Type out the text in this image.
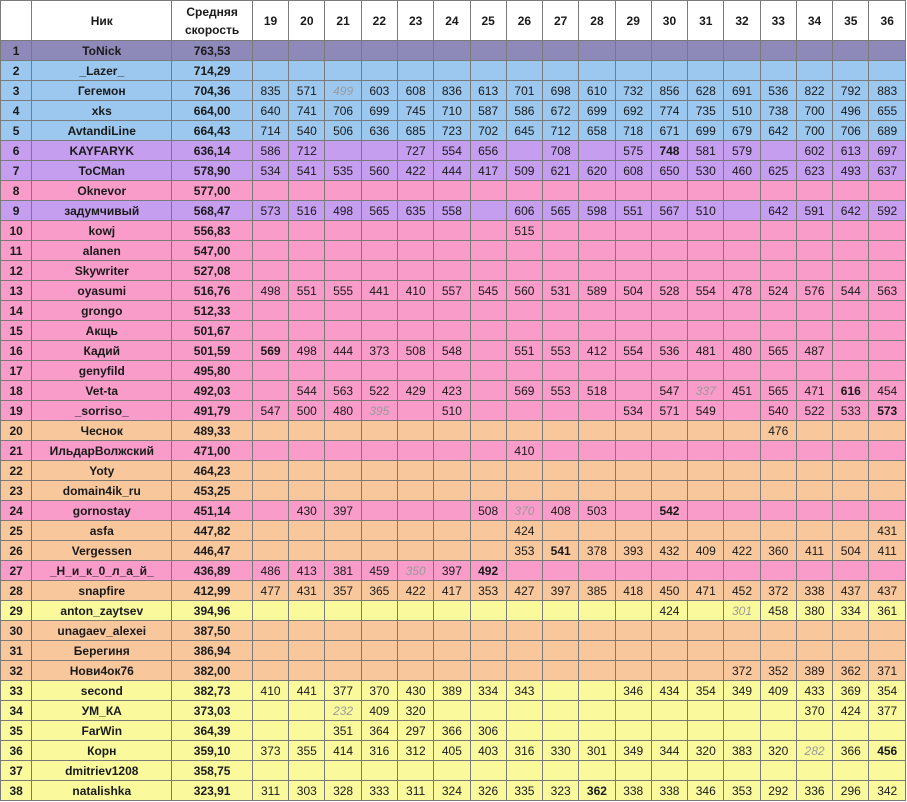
	Ник	Средняя
скорость	19	20	21	22	23	24	25	26	27	28	29	30	31	32	33	34	35	36
1	ToNick	763,53																		
2	_Lazer_	714,29																		
3	Гегемон	704,36	835	571	499	603	608	836	613	701	698	610	732	856	628	691	536	822	792	883
4	xks	664,00	640	741	706	699	745	710	587	586	672	699	692	774	735	510	738	700	496	655
5	AvtandiLine	664,43	714	540	506	636	685	723	702	645	712	658	718	671	699	679	642	700	706	689
6	KAYFARYK	636,14	586	712			727	554	656		708		575	748	581	579		602	613	697
7	ToCMan	578,90	534	541	535	560	422	444	417	509	621	620	608	650	530	460	625	623	493	637
8	Oknevor	577,00																		
9	задумчивый	568,47	573	516	498	565	635	558		606	565	598	551	567	510		642	591	642	592
10	kowj	556,83								515										
11	alanen	547,00																		
12	Skywriter	527,08																		
13	oyasumi	516,76	498	551	555	441	410	557	545	560	531	589	504	528	554	478	524	576	544	563
14	grongo	512,33																		
15	Акщь	501,67																		
16	Кадий	501,59	569	498	444	373	508	548		551	553	412	554	536	481	480	565	487		
17	genyfild	495,80																		
18	Vet-ta	492,03		544	563	522	429	423		569	553	518		547	337	451	565	471	616	454
19	_sorriso_	491,79	547	500	480	395		510					534	571	549		540	522	533	573
20	Чеснок	489,33															476			
21	ИльдарВолжский	471,00								410										
22	Yoty	464,23																		
23	domain4ik_ru	453,25																		
24	gornostay	451,14		430	397				508	370	408	503		542						
25	asfa	447,82								424										431
26	Vergessen	446,47								353	541	378	393	432	409	422	360	411	504	411
27	_Н_и_к_0_л_а_й_	436,89	486	413	381	459	350	397	492											
28	snapfire	412,99	477	431	357	365	422	417	353	427	397	385	418	450	471	452	372	338	437	437
29	anton_zaytsev	394,96												424		301	458	380	334	361
30	unagaev_alexei	387,50																		
31	Берегиня	386,94																		
32	Нови4ок76	382,00														372	352	389	362	371
33	second	382,73	410	441	377	370	430	389	334	343			346	434	354	349	409	433	369	354
34	УМ_КА	373,03			232	409	320											370	424	377
35	FarWin	364,39			351	364	297	366	306											
36	Корн	359,10	373	355	414	316	312	405	403	316	330	301	349	344	320	383	320	282	366	456
37	dmitriev1208	358,75																		
38	natalishka	323,91	311	303	328	333	311	324	326	335	323	362	338	338	346	353	292	336	296	342
